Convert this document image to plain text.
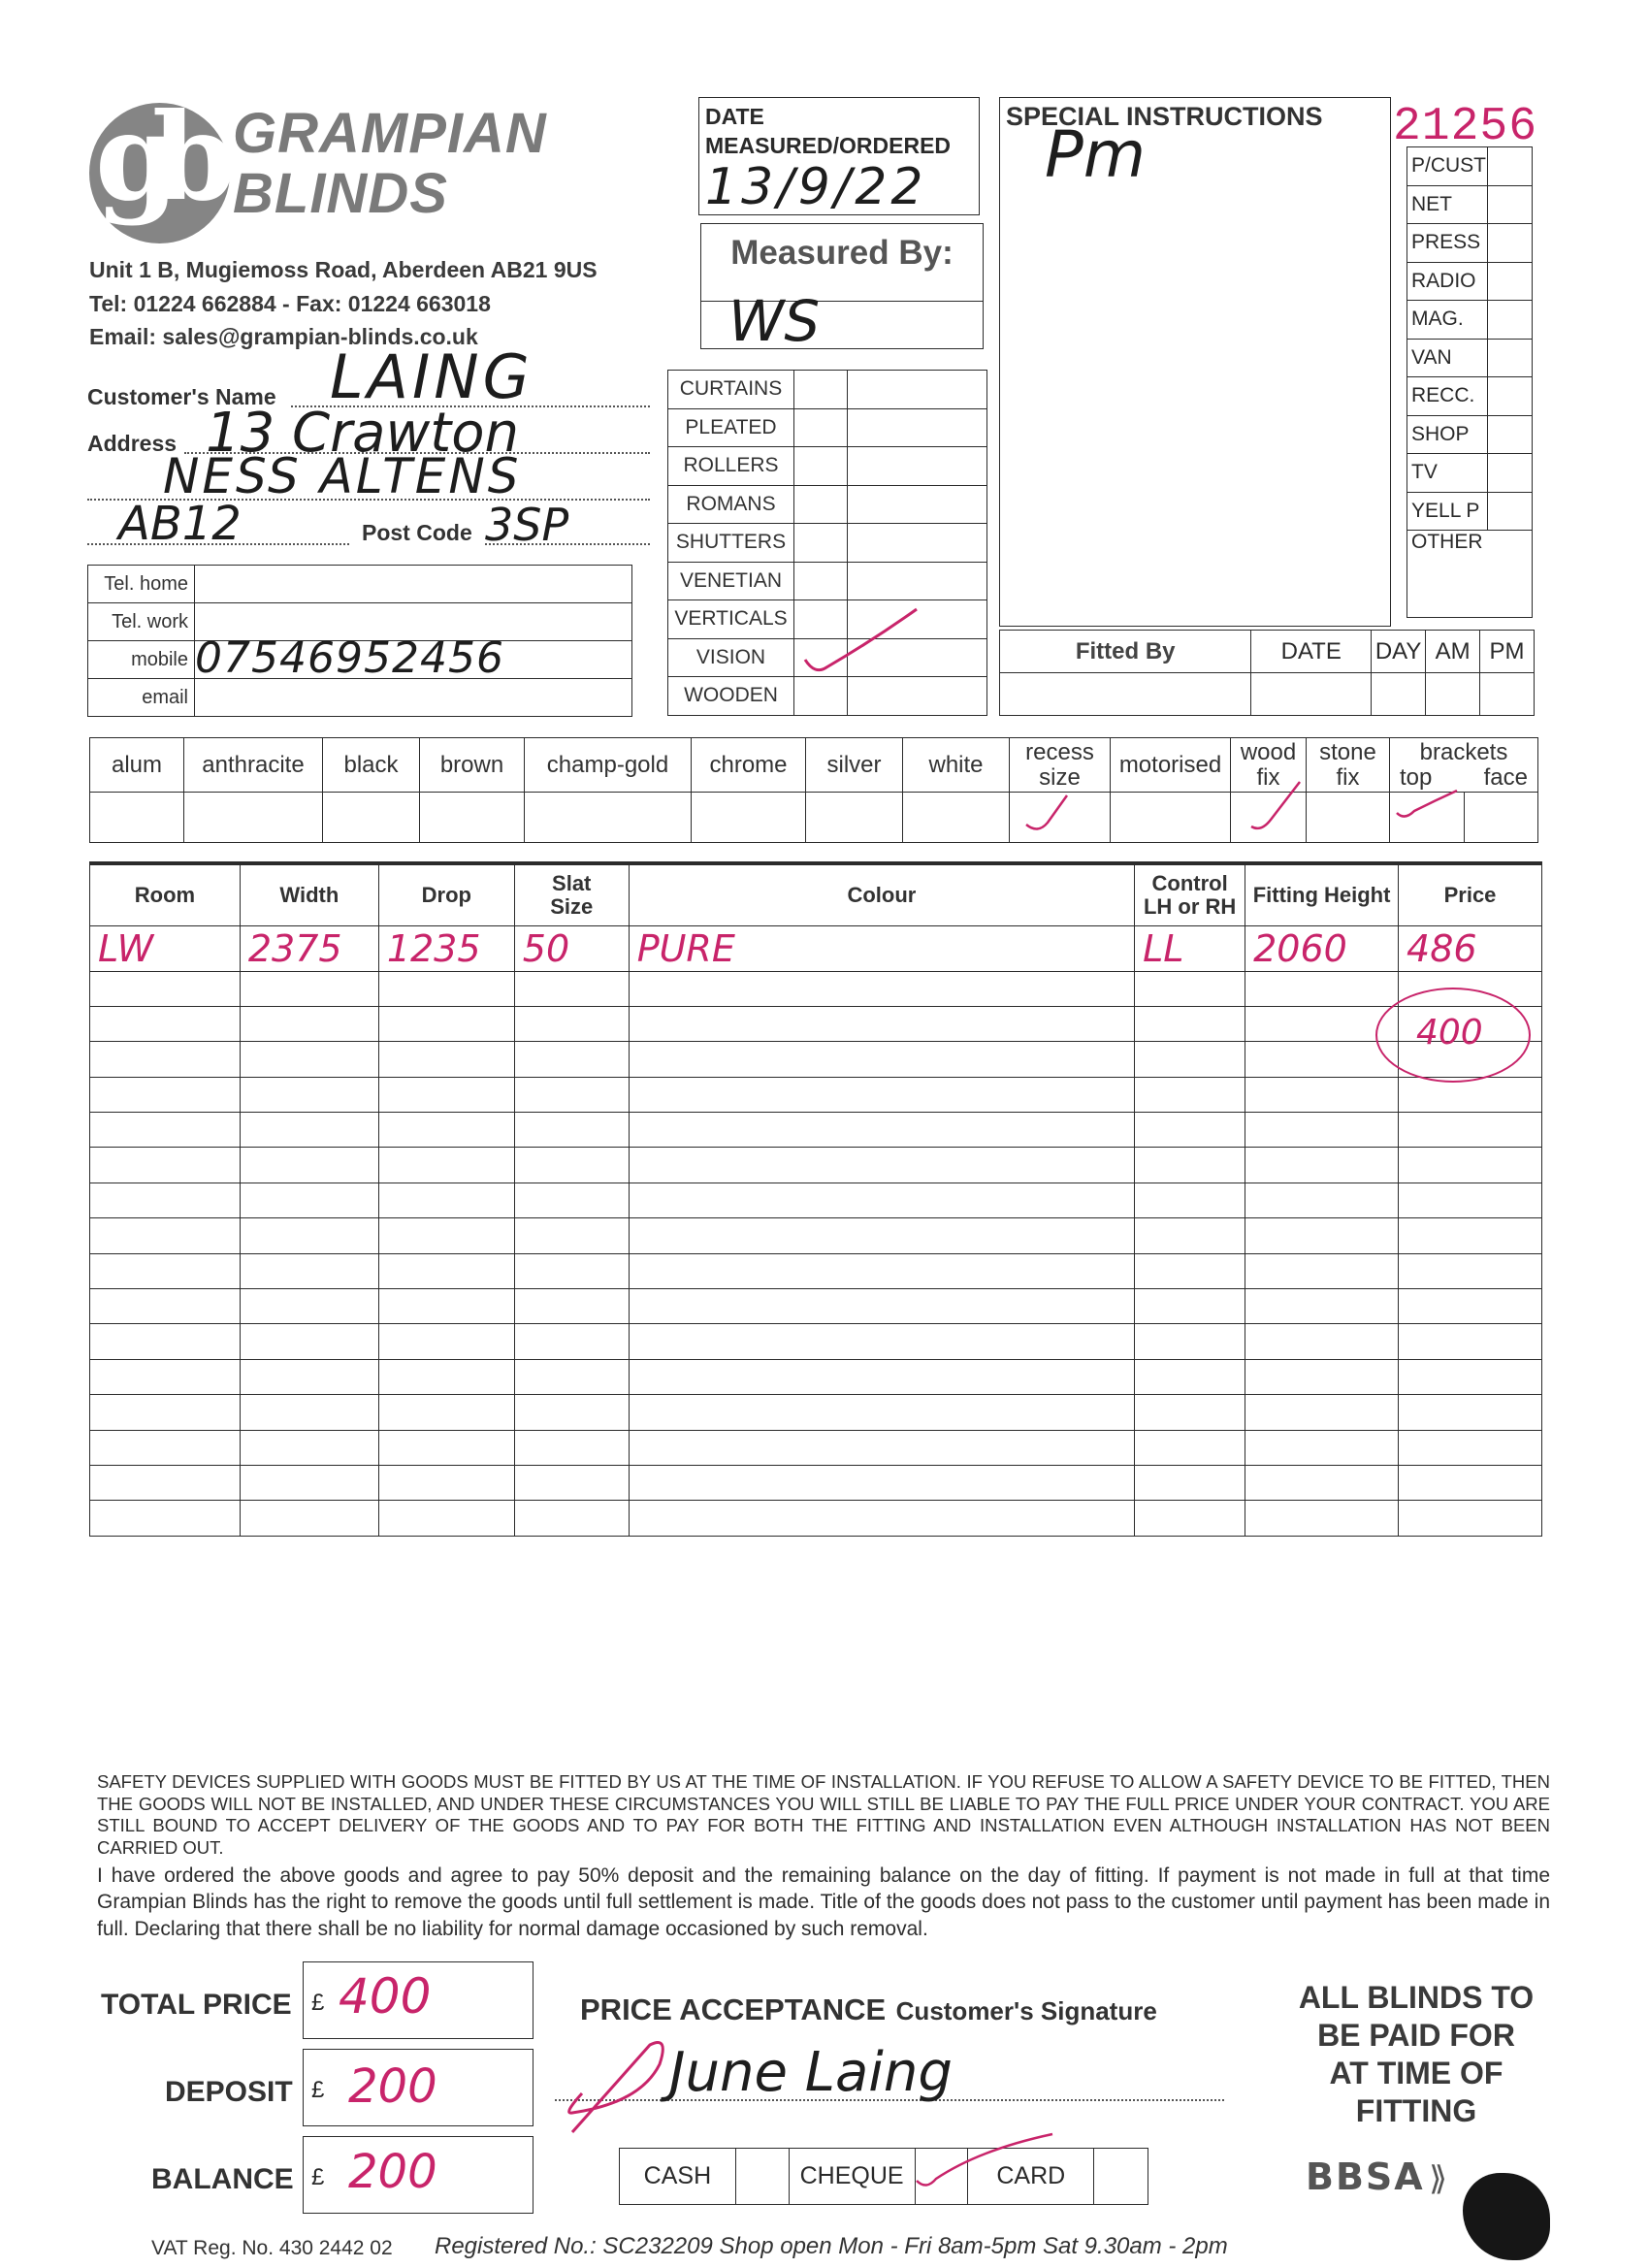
gb GRAMPIAN
BLINDS
Unit 1 B, Mugiemoss Road, Aberdeen AB21 9US
Tel: 01224 662884 - Fax: 01224 663018
Email: sales@grampian-blinds.co.uk
DATE
MEASURED/ORDERED
13/9/22
Measured By:
WS
SPECIAL INSTRUCTIONS
Pm	21256
P/CUST	
NET	
PRESS	
RADIO	
MAG.	
VAN	
RECC.	
SHOP	
TV	
YELL P	
OTHER	
Customer's Name LAING
Address 13 Crawton
NESS ALTENS
AB12	Post Code 3SP
Tel. home	
Tel. work	
mobile	07546952456
email	
CURTAINS		
PLEATED		
ROLLERS		
ROMANS		
SHUTTERS		
VENETIAN		
VERTICALS		
VISION		
WOODEN		
Fitted By	DATE	DAY	AM	PM

alum	anthracite	black	brown	champ-gold	chrome	silver	white	recess size	motorised	wood fix	stone fix	brackets
top face	

Room	Width	Drop	Slat Size	Colour	Control LH or RH	Fitting Height	Price
LW	2375	1235	50	PURE	LL	2060	486

400
SAFETY DEVICES SUPPLIED WITH GOODS MUST BE FITTED BY US AT THE TIME OF INSTALLATION. IF YOU REFUSE TO ALLOW A SAFETY DEVICE TO BE FITTED, THEN THE GOODS WILL NOT BE INSTALLED, AND UNDER THESE CIRCUMSTANCES YOU WILL STILL BE LIABLE TO PAY THE FULL PRICE UNDER YOUR CONTRACT. YOU ARE STILL BOUND TO ACCEPT DELIVERY OF THE GOODS AND TO PAY FOR BOTH THE FITTING AND INSTALLATION EVEN ALTHOUGH INSTALLATION HAS NOT BEEN CARRIED OUT.
I have ordered the above goods and agree to pay 50% deposit and the remaining balance on the day of fitting. If payment is not made in full at that time Grampian Blinds has the right to remove the goods until full settlement is made. Title of the goods does not pass to the customer until payment has been made in full. Declaring that there shall be no liability for normal damage occasioned by such removal.
TOTAL PRICE £ 400
DEPOSIT £ 200
BALANCE £ 200
PRICE ACCEPTANCE Customer's Signature
June Laing
CASH		CHEQUE		CARD	
ALL BLINDS TO
BE PAID FOR
AT TIME OF
FITTING
BBSA ⟫
VAT Reg. No. 430 2442 02 Registered No.: SC232209 Shop open Mon - Fri 8am-5pm Sat 9.30am - 2pm
